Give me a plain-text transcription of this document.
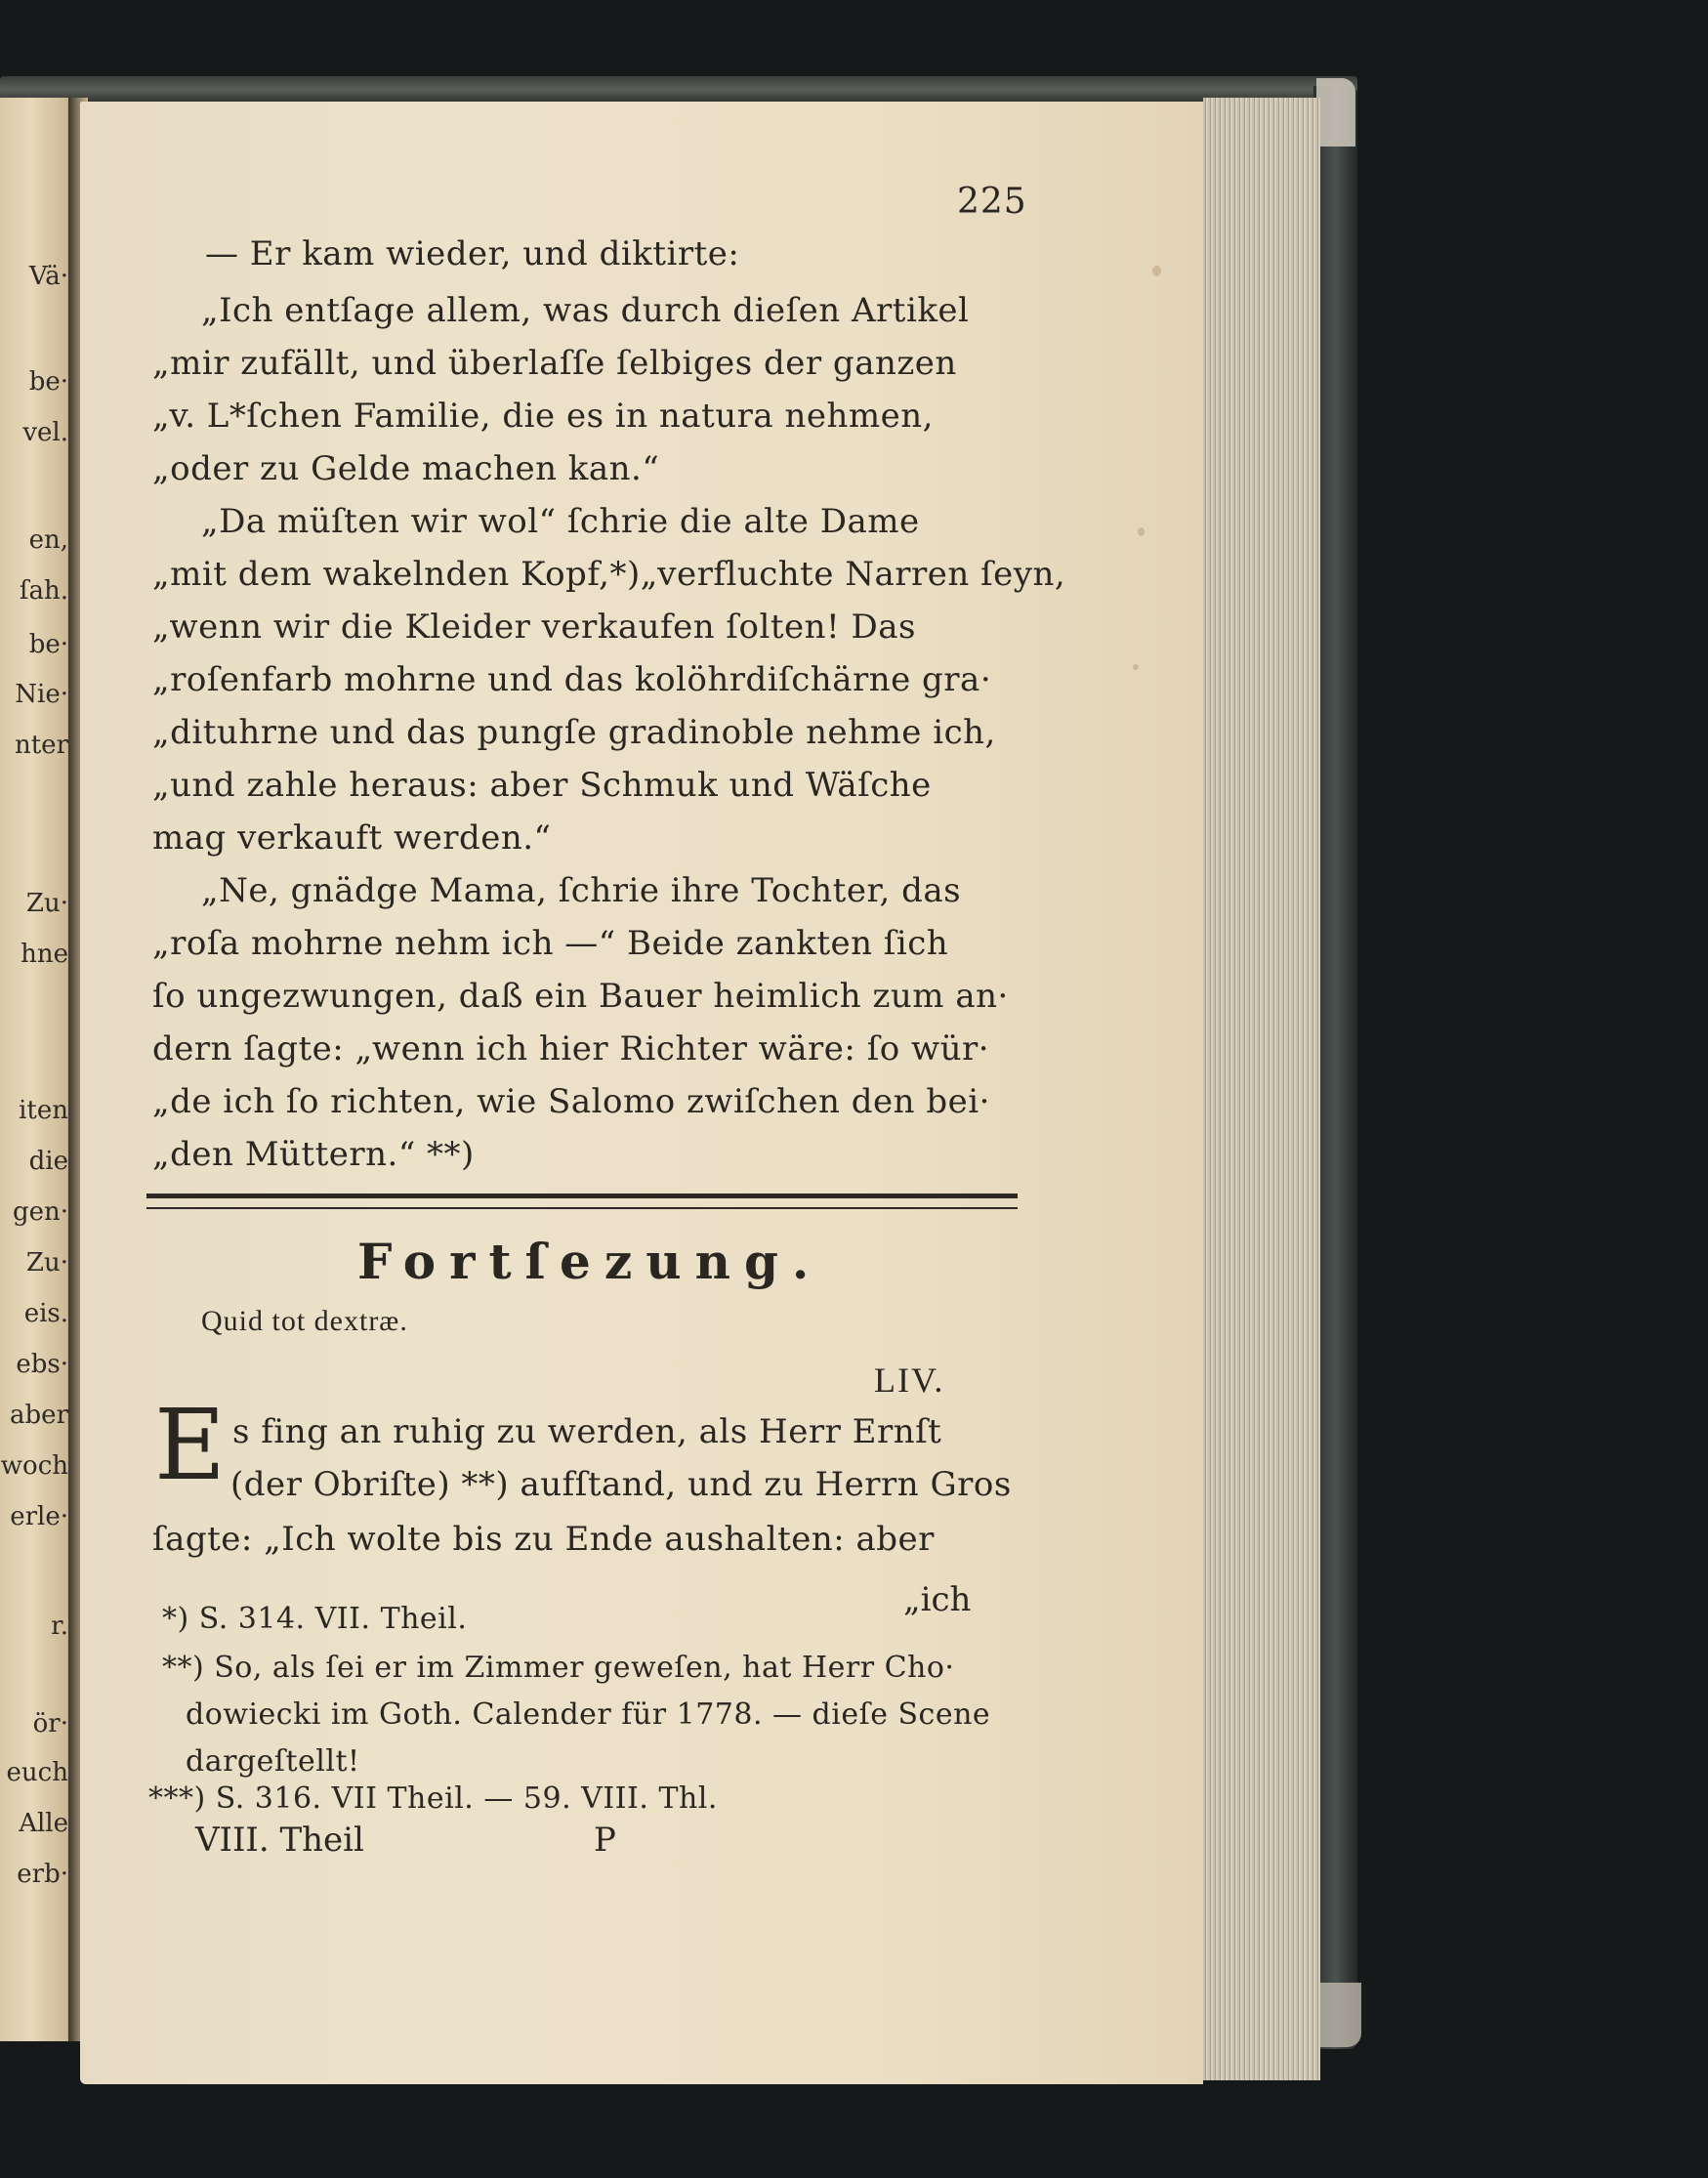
Vä·
be·
vel.
en,
ſah.
be·
Nie·
nter
Zu·
hne
iten
die
gen·
Zu·
eis.
ebs·
aber
woch
erle·
r.
ör·
euch
Alle
erb·
225
— Er kam wieder, und diktirte:
„Ich entſage allem, was durch dieſen Artikel
„mir zufällt, und überlaſſe ſelbiges der ganzen
„v. L*ſchen Familie, die es in natura nehmen,
„oder zu Gelde machen kan.“
„Da müſten wir wol“ ſchrie die alte Dame
„mit dem wakelnden Kopf,*)„verfluchte Narren ſeyn,
„wenn wir die Kleider verkaufen ſolten! Das
„roſenfarb mohrne und das kolöhrdiſchärne gra·
„dituhrne und das pungſe gradinoble nehme ich,
„und zahle heraus: aber Schmuk und Wäſche
mag verkauft werden.“
„Ne, gnädge Mama, ſchrie ihre Tochter, das
„roſa mohrne nehm ich —“ Beide zankten ſich
ſo ungezwungen, daß ein Bauer heimlich zum an·
dern ſagte: „wenn ich hier Richter wäre: ſo wür·
„de ich ſo richten, wie Salomo zwiſchen den bei·
„den Müttern.“ **)
Fortſezung.
Quid tot dextræ.
LIV.
E s fing an ruhig zu werden, als Herr Ernſt
(der Obriſte) **) aufſtand, und zu Herrn Gros
ſagte: „Ich wolte bis zu Ende aushalten: aber
„ich
*) S. 314. VII. Theil.
**) So, als ſei er im Zimmer geweſen, hat Herr Cho·
dowiecki im Goth. Calender für 1778. — dieſe Scene
dargeſtellt!
***) S. 316. VII Theil. — 59. VIII. Thl.
VIII. Theil	P
